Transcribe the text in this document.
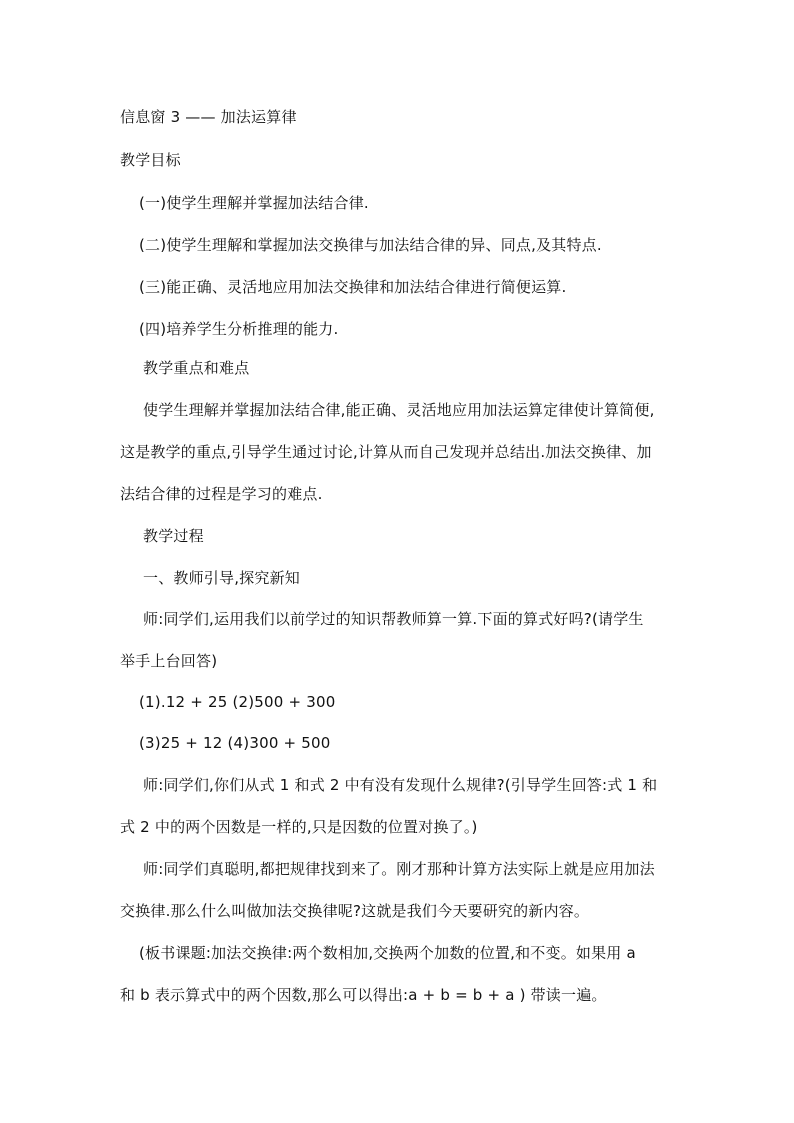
信息窗 3 —— 加法运算律
教学目标
(一)使学生理解并掌握加法结合律.
(二)使学生理解和掌握加法交换律与加法结合律的异、同点,及其特点.
(三)能正确、灵活地应用加法交换律和加法结合律进行简便运算.
(四)培养学生分析推理的能力.
教学重点和难点
使学生理解并掌握加法结合律,能正确、灵活地应用加法运算定律使计算简便,
这是教学的重点,引导学生通过讨论,计算从而自己发现并总结出.加法交换律、加
法结合律的过程是学习的难点.
教学过程
一、教师引导,探究新知
师:同学们,运用我们以前学过的知识帮教师算一算.下面的算式好吗?(请学生
举手上台回答)
(1).12 + 25 (2)500 + 300
(3)25 + 12 (4)300 + 500
师:同学们,你们从式 1 和式 2 中有没有发现什么规律?(引导学生回答:式 1 和
式 2 中的两个因数是一样的,只是因数的位置对换了。)
师:同学们真聪明,都把规律找到来了。刚才那种计算方法实际上就是应用加法
交换律.那么什么叫做加法交换律呢?这就是我们今天要研究的新内容。
(板书课题:加法交换律:两个数相加,交换两个加数的位置,和不变。如果用 a
和 b 表示算式中的两个因数,那么可以得出:a + b = b + a ) 带读一遍。
